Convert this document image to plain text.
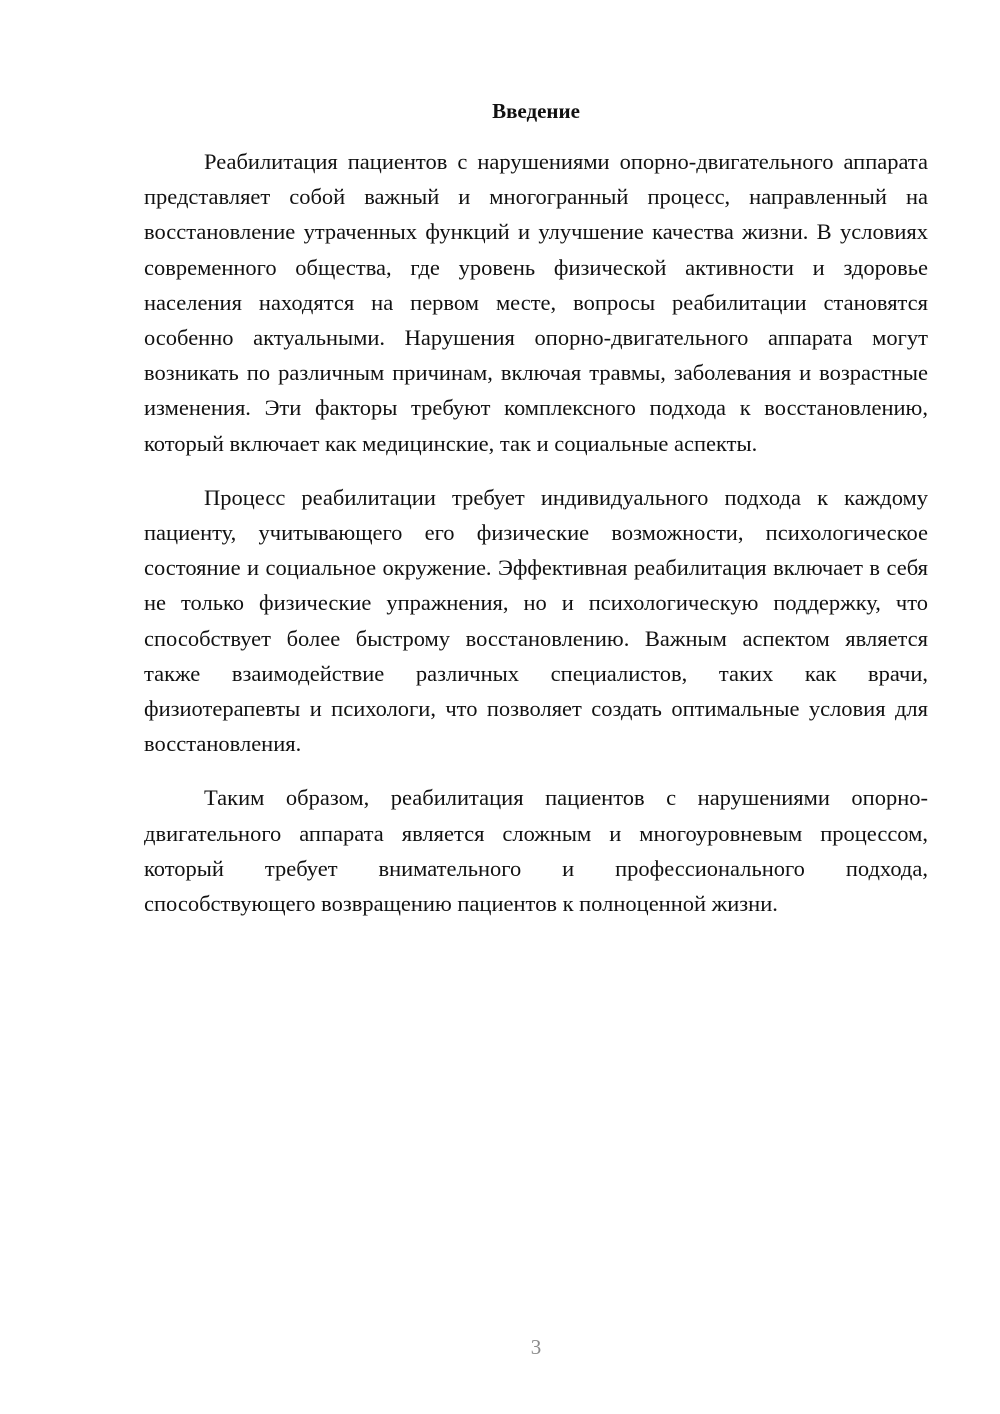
Введение

Реабилитация пациентов с нарушениями опорно-двигательного аппарата представляет собой важный и многогранный процесс, направленный на восстановление утраченных функций и улучшение качества жизни. В условиях современного общества, где уровень физической активности и здоровье населения находятся на первом месте, вопросы реабилитации становятся особенно актуальными. Нарушения опорно-двигательного аппарата могут возникать по различным причинам, включая травмы, заболевания и возрастные изменения. Эти факторы требуют комплексного подхода к восстановлению, который включает как медицинские, так и социальные аспекты.

Процесс реабилитации требует индивидуального подхода к каждому пациенту, учитывающего его физические возможности, психологическое состояние и социальное окружение. Эффективная реабилитация включает в себя не только физические упражнения, но и психологическую поддержку, что способствует более быстрому восстановлению. Важным аспектом является также взаимодействие различных специалистов, таких как врачи, физиотерапевты и психологи, что позволяет создать оптимальные условия для восстановления.

Таким образом, реабилитация пациентов с нарушениями опорно-двигательного аппарата является сложным и многоуровневым процессом, который требует внимательного и профессионального подхода, способствующего возвращению пациентов к полноценной жизни.

3
